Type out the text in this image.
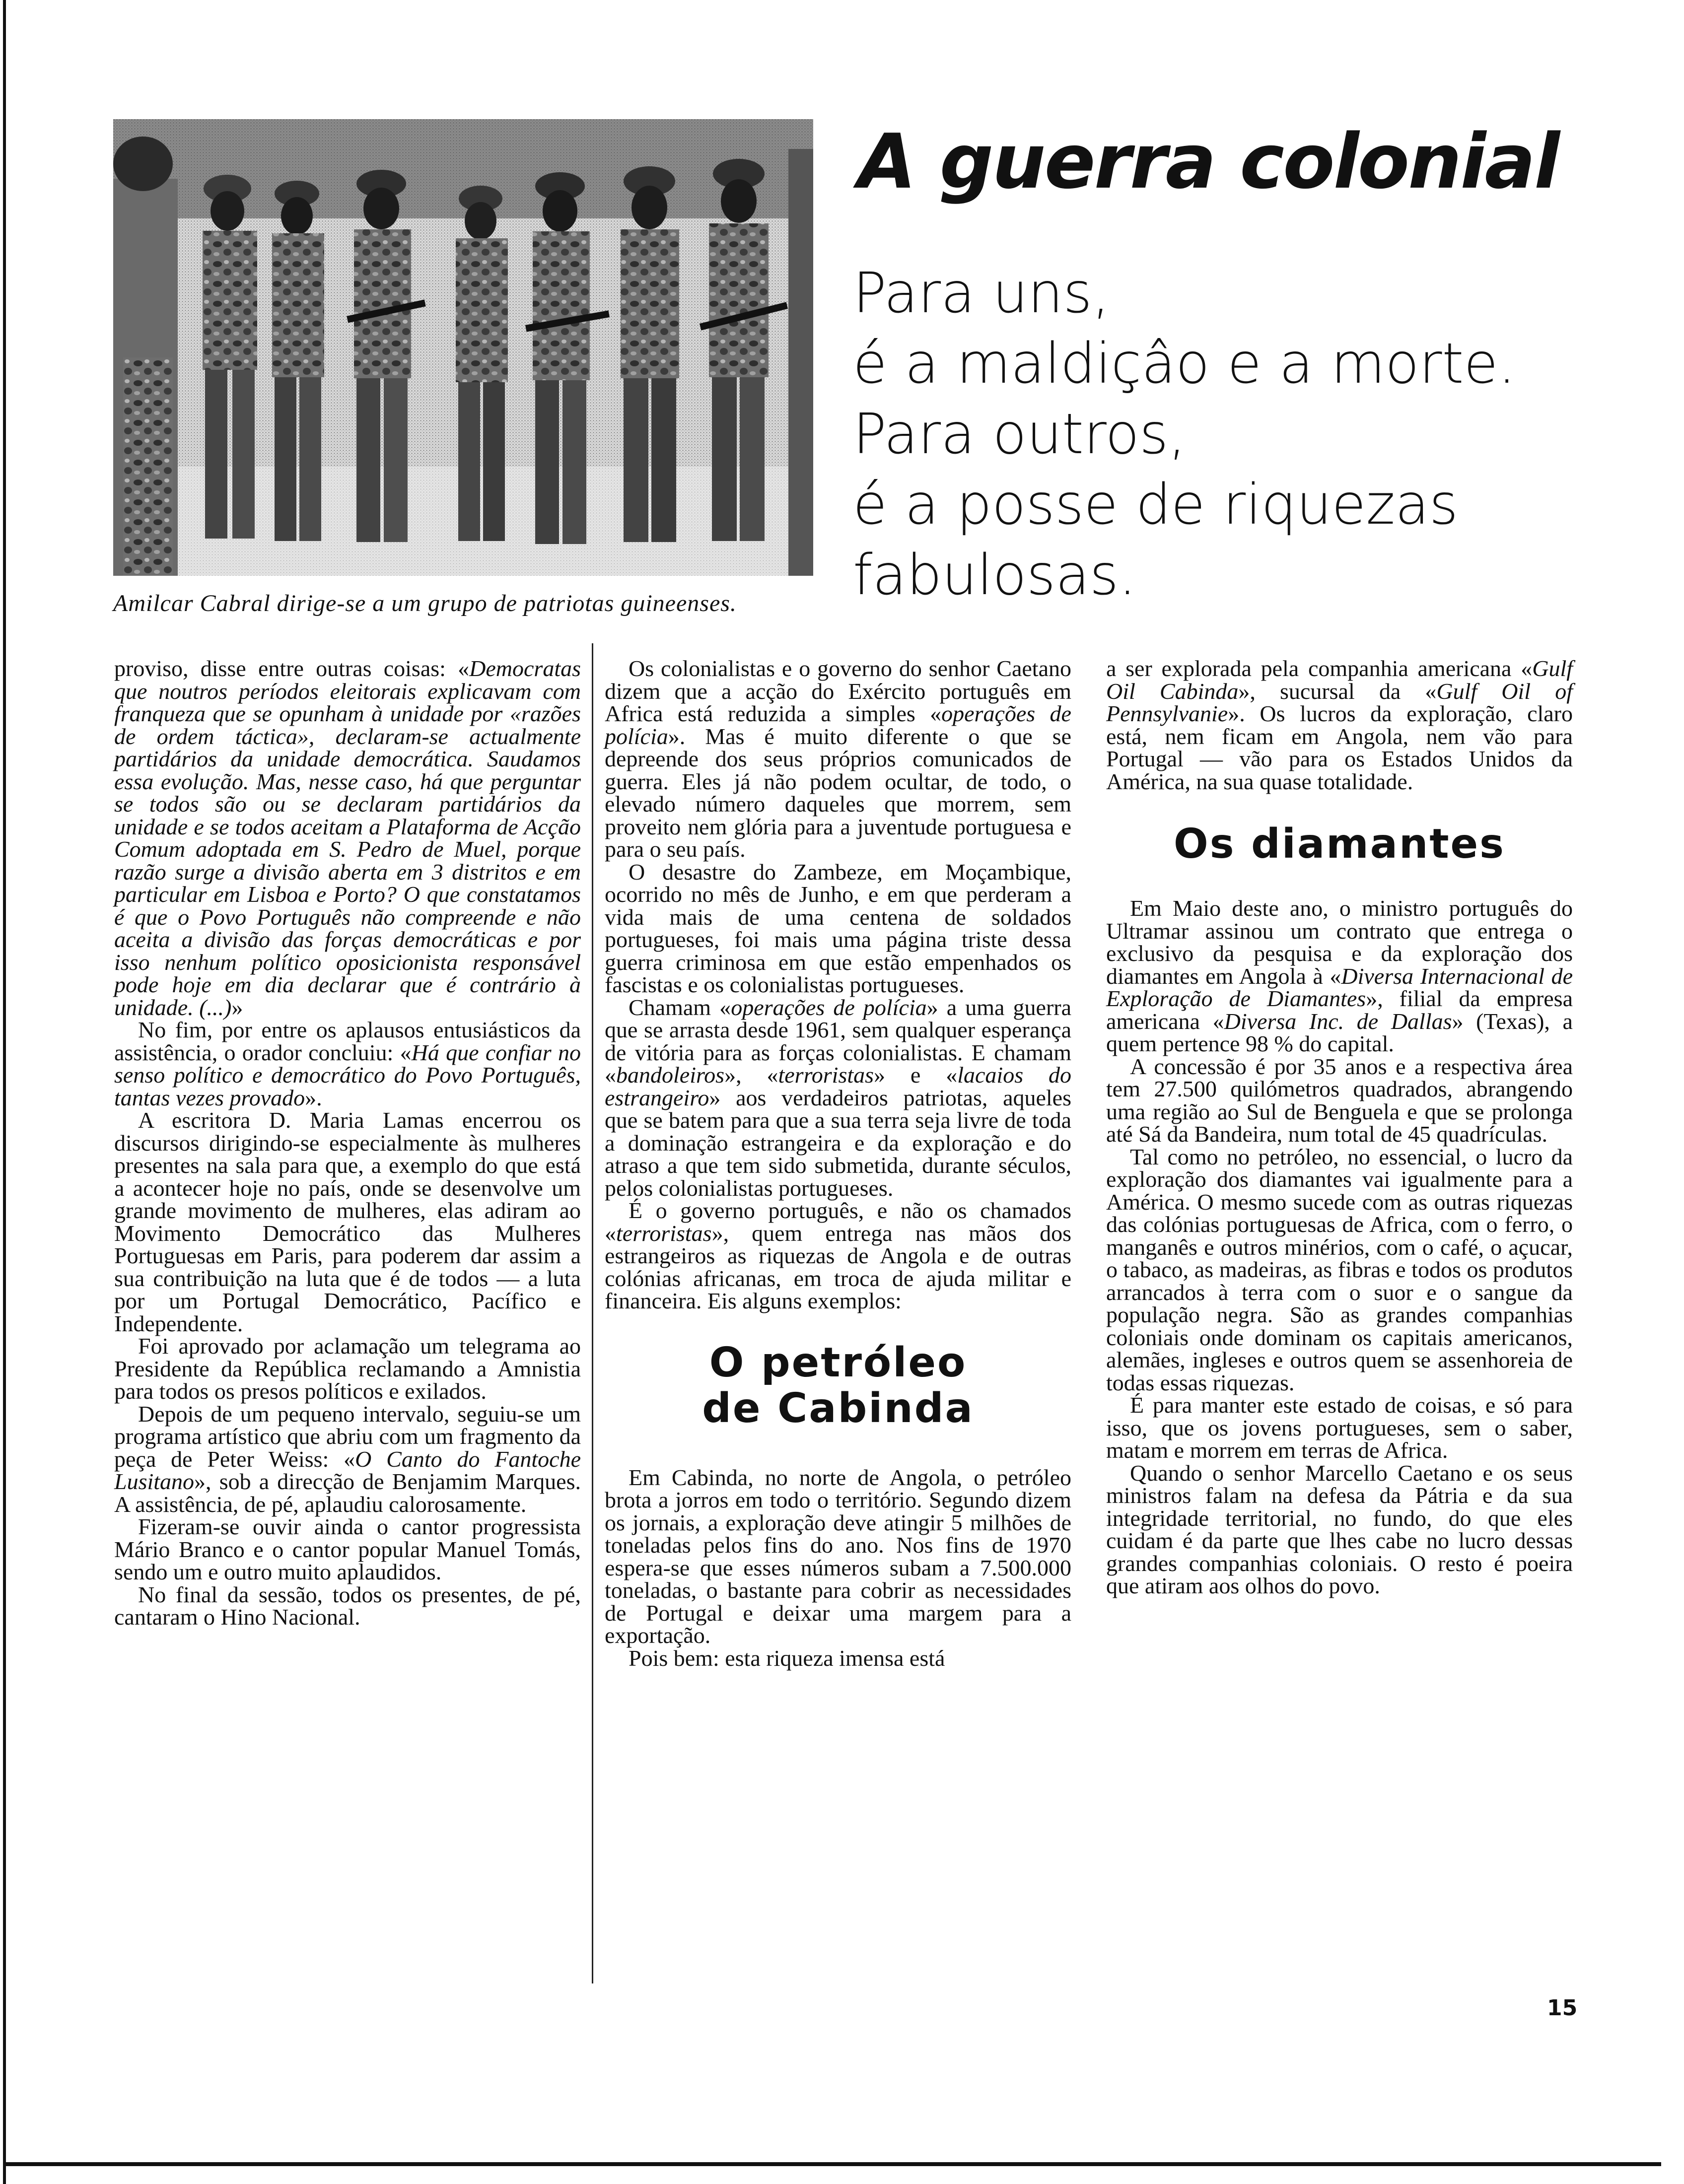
Amilcar Cabral dirige-se a um grupo de patriotas guineenses.
A guerra colonial
Para uns,
é a maldiçâo e a morte.
Para outros,
é a posse de riquezas
fabulosas.

proviso, disse entre outras coisas: «Democratas que noutros períodos eleitorais explicavam com franqueza que se opunham à unidade por «razões de ordem táctica», declaram-se actualmente partidários da unidade democrática. Saudamos essa evolução. Mas, nesse caso, há que perguntar se todos são ou se declaram partidários da unidade e se todos aceitam a Plataforma de Acção Comum adoptada em S. Pedro de Muel, porque razão surge a divisão aberta em 3 distritos e em particular em Lisboa e Porto? O que constatamos é que o Povo Português não compreende e não aceita a divisão das forças democráticas e por isso nenhum político oposicionista responsável pode hoje em dia declarar que é contrário à unidade. (...)»

No fim, por entre os aplausos entusiásticos da assistência, o orador concluiu: «Há que confiar no senso político e democrático do Povo Português, tantas vezes provado».

A escritora D. Maria Lamas encerrou os discursos dirigindo-se especialmente às mulheres presentes na sala para que, a exemplo do que está a acontecer hoje no país, onde se desenvolve um grande movimento de mulheres, elas adiram ao Movimento Democrático das Mulheres Portuguesas em Paris, para poderem dar assim a sua contribuição na luta que é de todos — a luta por um Portugal Democrático, Pacífico e Independente.

Foi aprovado por aclamação um telegrama ao Presidente da República reclamando a Amnistia para todos os presos políticos e exilados.

Depois de um pequeno intervalo, seguiu-se um programa artístico que abriu com um fragmento da peça de Peter Weiss: «O Canto do Fantoche Lusitano», sob a direcção de Benjamim Marques. A assistência, de pé, aplaudiu calorosamente.

Fizeram-se ouvir ainda o cantor progressista Mário Branco e o cantor popular Manuel Tomás, sendo um e outro muito aplaudidos.

No final da sessão, todos os presentes, de pé, cantaram o Hino Nacional.

Os colonialistas e o governo do senhor Caetano dizem que a acção do Exército português em Africa está reduzida a simples «operações de polícia». Mas é muito diferente o que se depreende dos seus próprios comunicados de guerra. Eles já não podem ocultar, de todo, o elevado número daqueles que morrem, sem proveito nem glória para a juventude portuguesa e para o seu país.

O desastre do Zambeze, em Moçambique, ocorrido no mês de Junho, e em que perderam a vida mais de uma centena de soldados portugueses, foi mais uma página triste dessa guerra criminosa em que estão empenhados os fascistas e os colonialistas portugueses.

Chamam «operações de polícia» a uma guerra que se arrasta desde 1961, sem qualquer esperança de vitória para as forças colonialistas. E chamam «bandoleiros», «terroristas» e «lacaios do estrangeiro» aos verdadeiros patriotas, aqueles que se batem para que a sua terra seja livre de toda a dominação estrangeira e da exploração e do atraso a que tem sido submetida, durante séculos, pelos colonialistas portugueses.

É o governo português, e não os chamados «terroristas», quem entrega nas mãos dos estrangeiros as riquezas de Angola e de outras colónias africanas, em troca de ajuda militar e financeira. Eis alguns exemplos:

O petróleo
de Cabinda

Em Cabinda, no norte de Angola, o petróleo brota a jorros em todo o território. Segundo dizem os jornais, a exploração deve atingir 5 milhões de toneladas pelos fins do ano. Nos fins de 1970 espera-se que esses números subam a 7.500.000 toneladas, o bastante para cobrir as necessidades de Portugal e deixar uma margem para a exportação.

Pois bem: esta riqueza imensa está

a ser explorada pela companhia americana «Gulf Oil Cabinda», sucursal da «Gulf Oil of Pennsylvanie». Os lucros da exploração, claro está, nem ficam em Angola, nem vão para Portugal — vão para os Estados Unidos da América, na sua quase totalidade.

Os diamantes

Em Maio deste ano, o ministro português do Ultramar assinou um contrato que entrega o exclusivo da pesquisa e da exploração dos diamantes em Angola à «Diversa Internacional de Exploração de Diamantes», filial da empresa americana «Diversa Inc. de Dallas» (Texas), a quem pertence 98 % do capital.

A concessão é por 35 anos e a respectiva área tem 27.500 quilómetros quadrados, abrangendo uma região ao Sul de Benguela e que se prolonga até Sá da Bandeira, num total de 45 quadrículas.

Tal como no petróleo, no essencial, o lucro da exploração dos diamantes vai igualmente para a América. O mesmo sucede com as outras riquezas das colónias portuguesas de Africa, com o ferro, o manganês e outros minérios, com o café, o açucar, o tabaco, as madeiras, as fibras e todos os produtos arrancados à terra com o suor e o sangue da população negra. São as grandes companhias coloniais onde dominam os capitais americanos, alemães, ingleses e outros quem se assenhoreia de todas essas riquezas.

É para manter este estado de coisas, e só para isso, que os jovens portugueses, sem o saber, matam e morrem em terras de Africa.

Quando o senhor Marcello Caetano e os seus ministros falam na defesa da Pátria e da sua integridade territorial, no fundo, do que eles cuidam é da parte que lhes cabe no lucro dessas grandes companhias coloniais. O resto é poeira que atiram aos olhos do povo.

15
